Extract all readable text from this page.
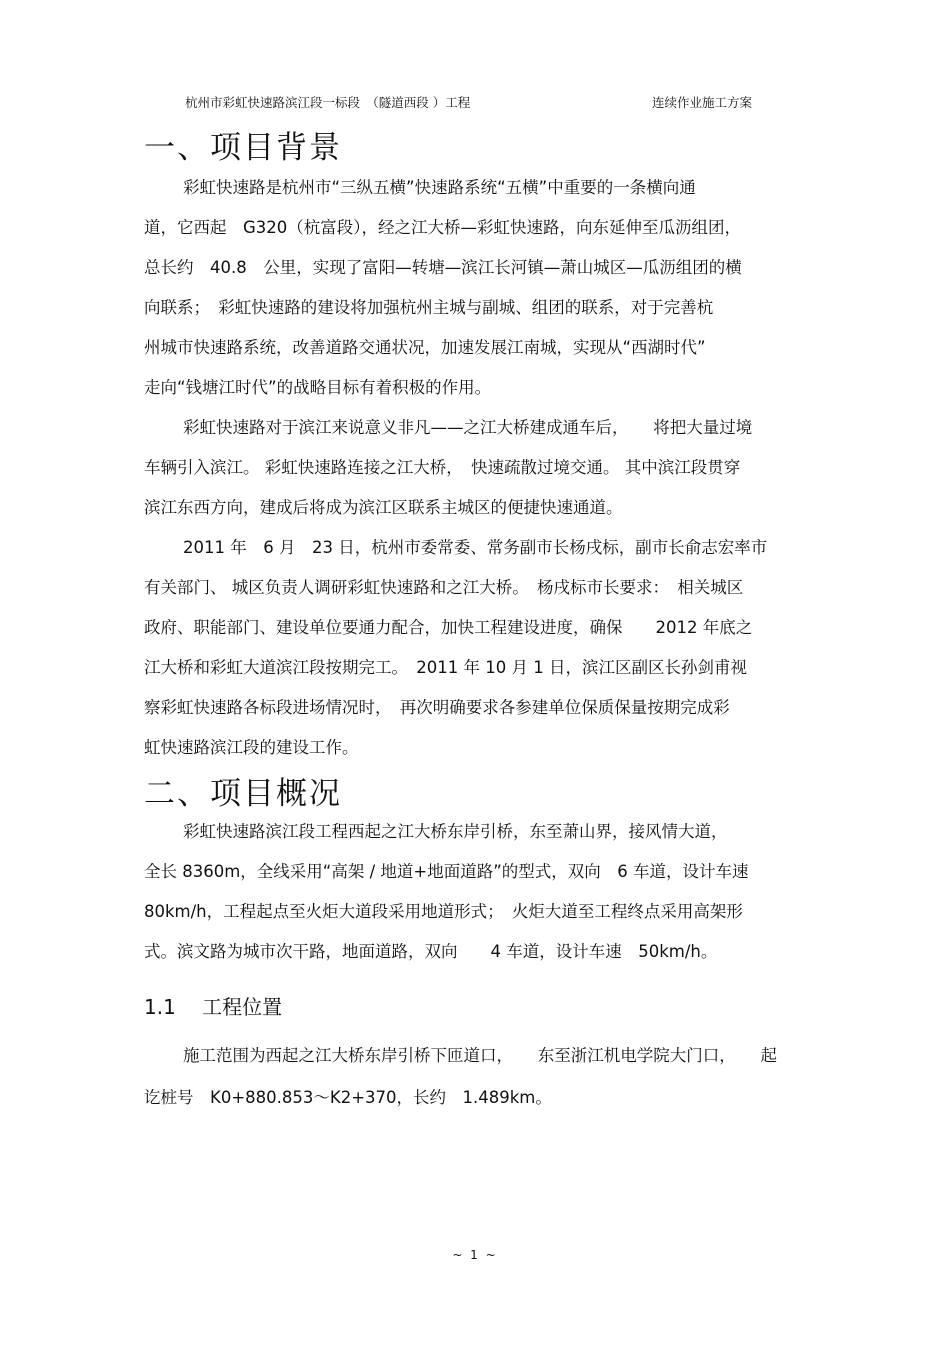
杭州市彩虹快速路滨江段一标段　（隧道西段 ）工程	连续作业施工方案
一、项目背景
彩虹快速路是杭州市“三纵五横”快速路系统“五横”中重要的一条横向通
道，它西起　G320（杭富段），经之江大桥—彩虹快速路，向东延伸至瓜沥组团，
总长约　40.8　公里，实现了富阳—转塘—滨江长河镇—萧山城区—瓜沥组团的横
向联系；　彩虹快速路的建设将加强杭州主城与副城、组团的联系，对于完善杭
州城市快速路系统，改善道路交通状况，加速发展江南城，实现从“西湖时代”
走向“钱塘江时代”的战略目标有着积极的作用。
彩虹快速路对于滨江来说意义非凡——之江大桥建成通车后，　　将把大量过境
车辆引入滨江。 彩虹快速路连接之江大桥，　快速疏散过境交通。 其中滨江段贯穿
滨江东西方向，建成后将成为滨江区联系主城区的便捷快速通道。
2011 年　6 月　23 日，杭州市委常委、常务副市长杨戌标，副市长俞志宏率市
有关部门、 城区负责人调研彩虹快速路和之江大桥。　杨戌标市长要求：　相关城区
政府、职能部门、建设单位要通力配合，加快工程建设进度，确保　　2012 年底之
江大桥和彩虹大道滨江段按期完工。　2011 年 10 月 1 日，滨江区副区长孙剑甫视
察彩虹快速路各标段进场情况时，　再次明确要求各参建单位保质保量按期完成彩
虹快速路滨江段的建设工作。
二、项目概况
彩虹快速路滨江段工程西起之江大桥东岸引桥，东至萧山界，接风情大道，
全长 8360m，全线采用“高架 / 地道+地面道路”的型式，双向　6 车道，设计车速
80km/h，工程起点至火炬大道段采用地道形式；　火炬大道至工程终点采用高架形
式。滨文路为城市次干路，地面道路，双向　　4 车道，设计车速　50km/h。
1.1　 工程位置
施工范围为西起之江大桥东岸引桥下匝道口，　　东至浙江机电学院大门口，　　起
讫桩号　K0+880.853～K2+370，长约　1.489km。
~ 1 ~
